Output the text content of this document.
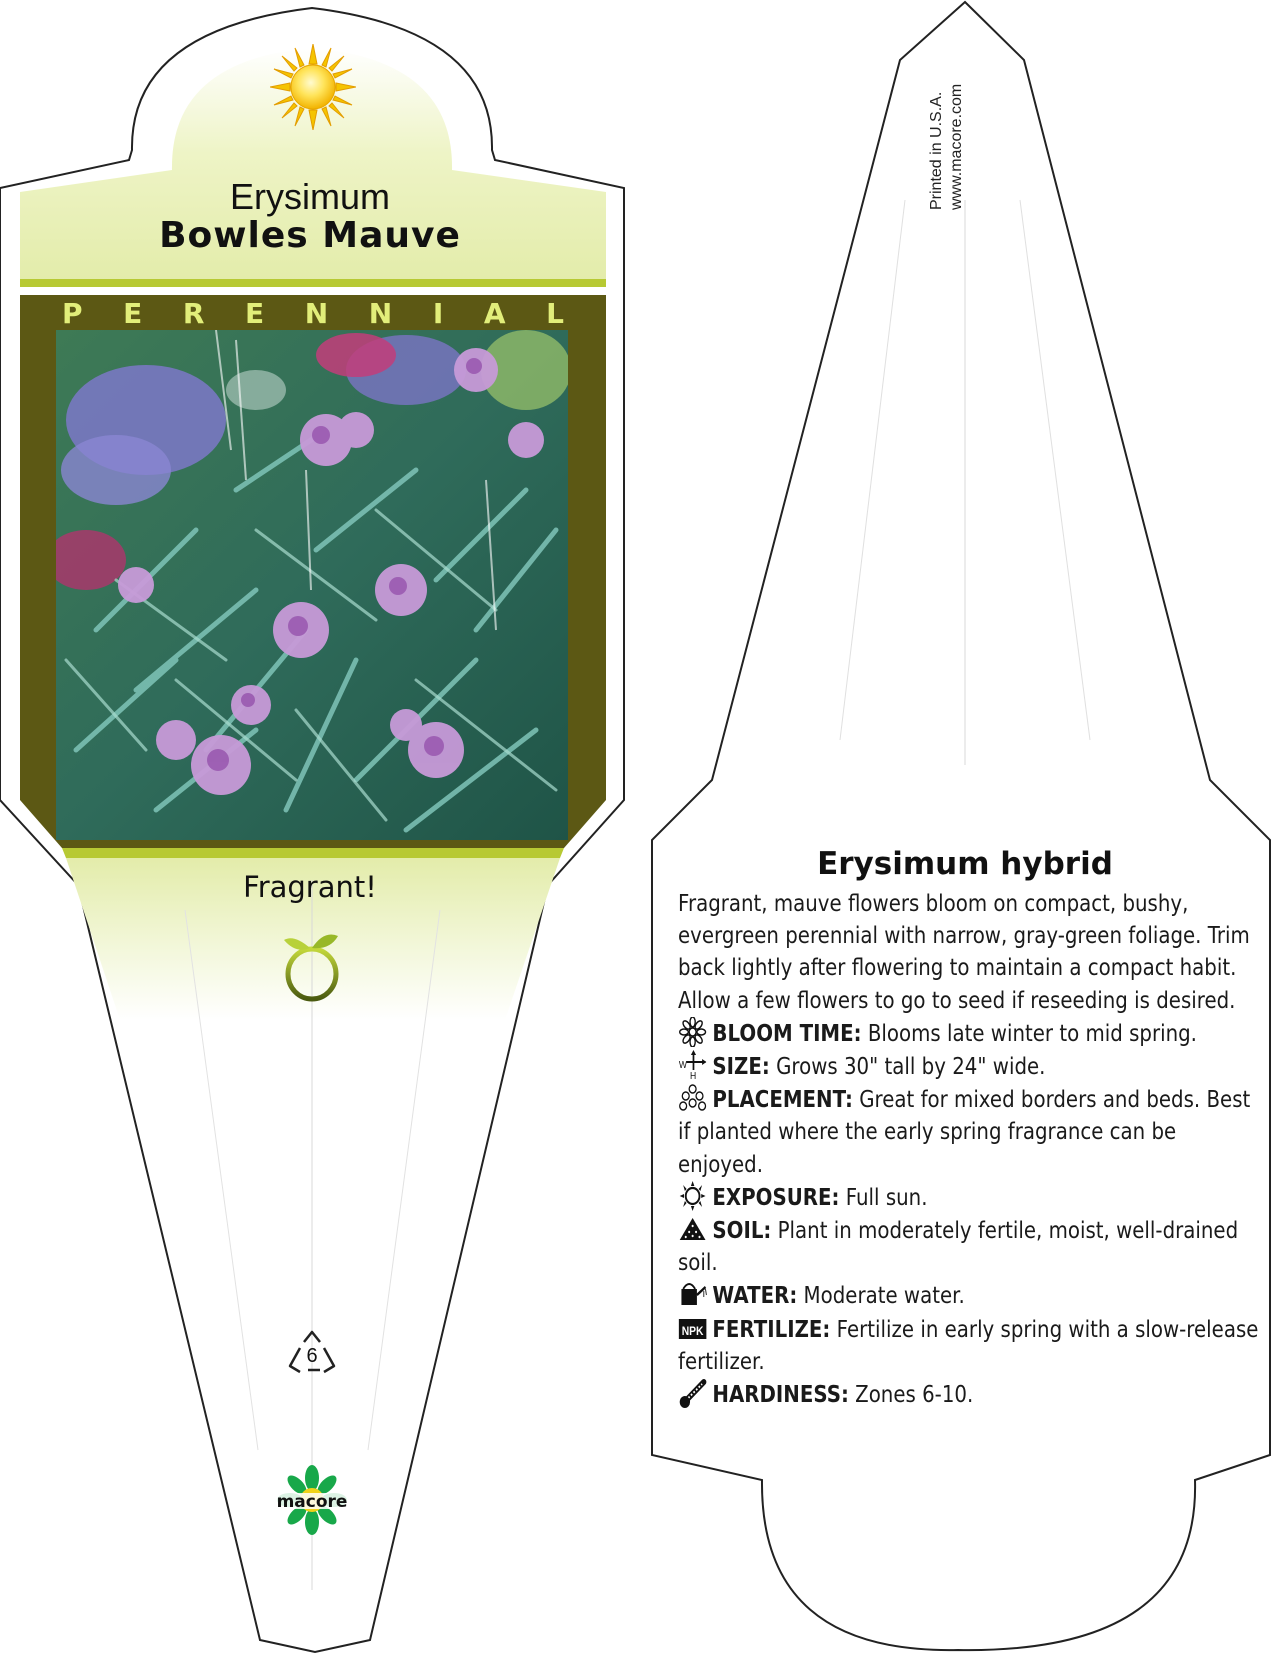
Erysimum
Bowles Mauve
P E R E N N I A L
Fragrant!
6
macore
Printed in U.S.A. www.macore.com
Erysimum hybrid

Fragrant, mauve flowers bloom on compact, bushy, evergreen perennial with narrow, gray-green foliage. Trim back lightly after flowering to maintain a compact habit. Allow a few flowers to go to seed if reseeding is desired.

BLOOM TIME: Blooms late winter to mid spring.

W
H SIZE: Grows 30" tall by 24" wide.

PLACEMENT: Great for mixed borders and beds. Best if planted where the early spring fragrance can be enjoyed.

EXPOSURE: Full sun.

SOIL: Plant in moderately fertile, moist, well-drained soil.

WATER: Moderate water.

NPK FERTILIZE: Fertilize in early spring with a slow-release fertilizer.

HARDINESS: Zones 6-10.
